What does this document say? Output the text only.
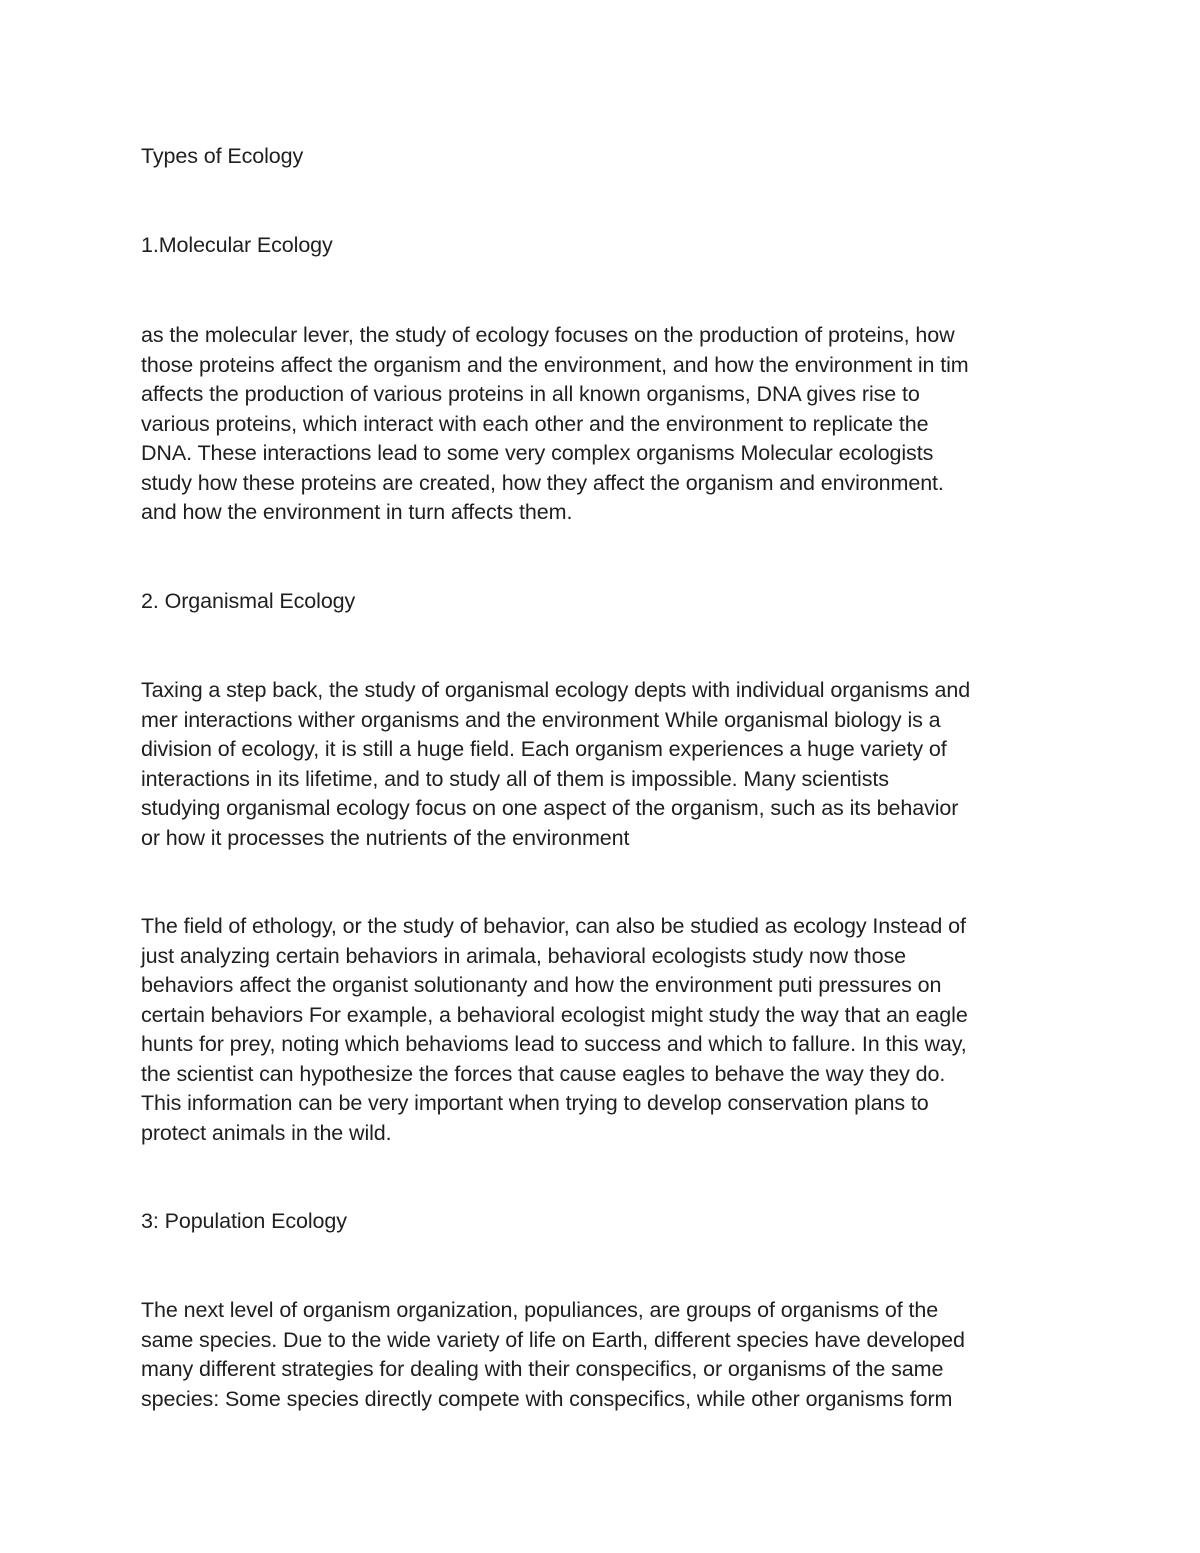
Types of Ecology

1.Molecular Ecology

as the molecular lever, the study of ecology focuses on the production of proteins, how

those proteins affect the organism and the environment, and how the environment in tim

affects the production of various proteins in all known organisms, DNA gives rise to

various proteins, which interact with each other and the environment to replicate the

DNA. These interactions lead to some very complex organisms Molecular ecologists

study how these proteins are created, how they affect the organism and environment.

and how the environment in turn affects them.

2. Organismal Ecology

Taxing a step back, the study of organismal ecology depts with individual organisms and

mer interactions wither organisms and the environment While organismal biology is a

division of ecology, it is still a huge field. Each organism experiences a huge variety of

interactions in its lifetime, and to study all of them is impossible. Many scientists

studying organismal ecology focus on one aspect of the organism, such as its behavior

or how it processes the nutrients of the environment

The field of ethology, or the study of behavior, can also be studied as ecology Instead of

just analyzing certain behaviors in arimala, behavioral ecologists study now those

behaviors affect the organist solutionanty and how the environment puti pressures on

certain behaviors For example, a behavioral ecologist might study the way that an eagle

hunts for prey, noting which behavioms lead to success and which to fallure. In this way,

the scientist can hypothesize the forces that cause eagles to behave the way they do.

This information can be very important when trying to develop conservation plans to

protect animals in the wild.

3: Population Ecology

The next level of organism organization, populiances, are groups of organisms of the

same species. Due to the wide variety of life on Earth, different species have developed

many different strategies for dealing with their conspecifics, or organisms of the same

species: Some species directly compete with conspecifics, while other organisms form
